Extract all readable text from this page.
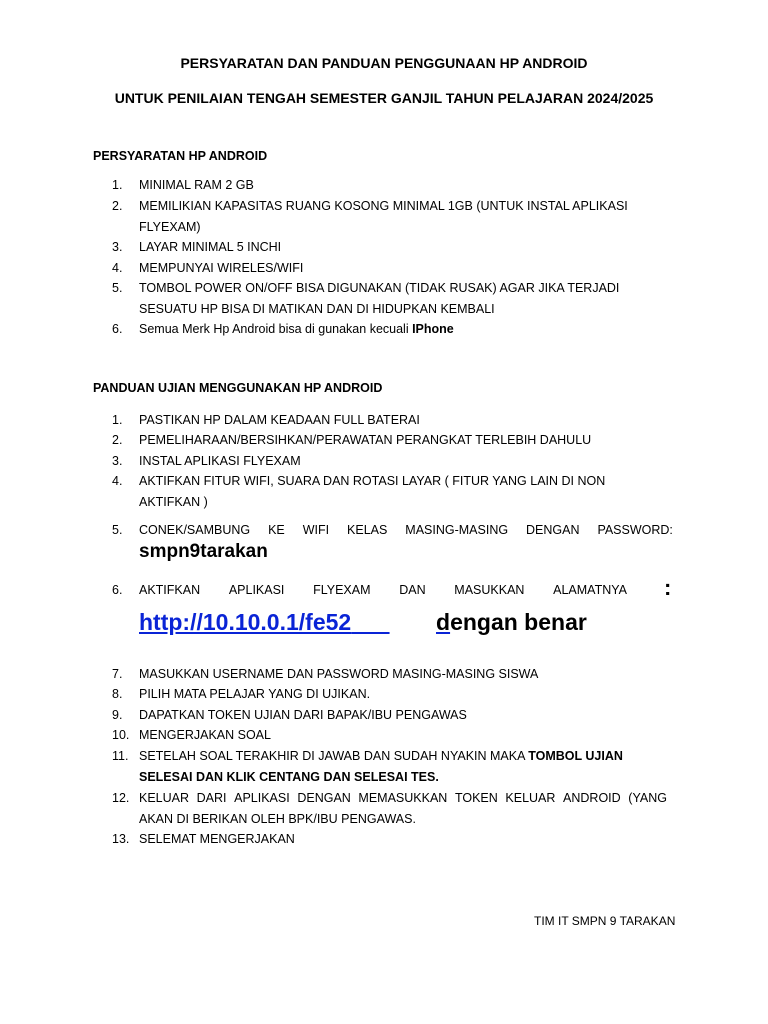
PERSYARATAN DAN PANDUAN PENGGUNAAN HP ANDROID
UNTUK PENILAIAN TENGAH SEMESTER GANJIL TAHUN PELAJARAN 2024/2025
PERSYARATAN HP ANDROID
1.	MINIMAL RAM 2 GB
2.	MEMILIKIAN KAPASITAS RUANG KOSONG MINIMAL 1GB (UNTUK INSTAL APLIKASI
FLYEXAM)
3.	LAYAR MINIMAL 5 INCHI
4.	MEMPUNYAI WIRELES/WIFI
5.	TOMBOL POWER ON/OFF BISA DIGUNAKAN (TIDAK RUSAK) AGAR JIKA TERJADI
SESUATU HP BISA DI MATIKAN DAN DI HIDUPKAN KEMBALI
6.	Semua Merk Hp Android bisa di gunakan kecuali IPhone
PANDUAN UJIAN MENGGUNAKAN HP ANDROID
1.	PASTIKAN HP DALAM KEADAAN FULL BATERAI
2.	PEMELIHARAAN/BERSIHKAN/PERAWATAN PERANGKAT TERLEBIH DAHULU
3.	INSTAL APLIKASI FLYEXAM
4.	AKTIFKAN FITUR WIFI, SUARA DAN ROTASI LAYAR ( FITUR YANG LAIN DI NON
AKTIFKAN )
5.	CONEK/SAMBUNG KE WIFI KELAS MASING-MASING DENGAN PASSWORD:
smpn9tarakan
6.	AKTIFKAN APLIKASI FLYEXAM DAN MASUKKAN ALAMATNYA :
http://10.10.0.1/fe52	dengan benar
7.	MASUKKAN USERNAME DAN PASSWORD MASING-MASING SISWA
8.	PILIH MATA PELAJAR YANG DI UJIKAN.
9.	DAPATKAN TOKEN UJIAN DARI BAPAK/IBU PENGAWAS
10. MENGERJAKAN SOAL
11. SETELAH SOAL TERAKHIR DI JAWAB DAN SUDAH NYAKIN MAKA TOMBOL UJIAN
SELESAI DAN KLIK CENTANG DAN SELESAI TES.
12. KELUAR DARI APLIKASI DENGAN MEMASUKKAN TOKEN KELUAR ANDROID (YANG
AKAN DI BERIKAN OLEH BPK/IBU PENGAWAS.
13. SELEMAT MENGERJAKAN
TIM IT SMPN 9 TARAKAN
